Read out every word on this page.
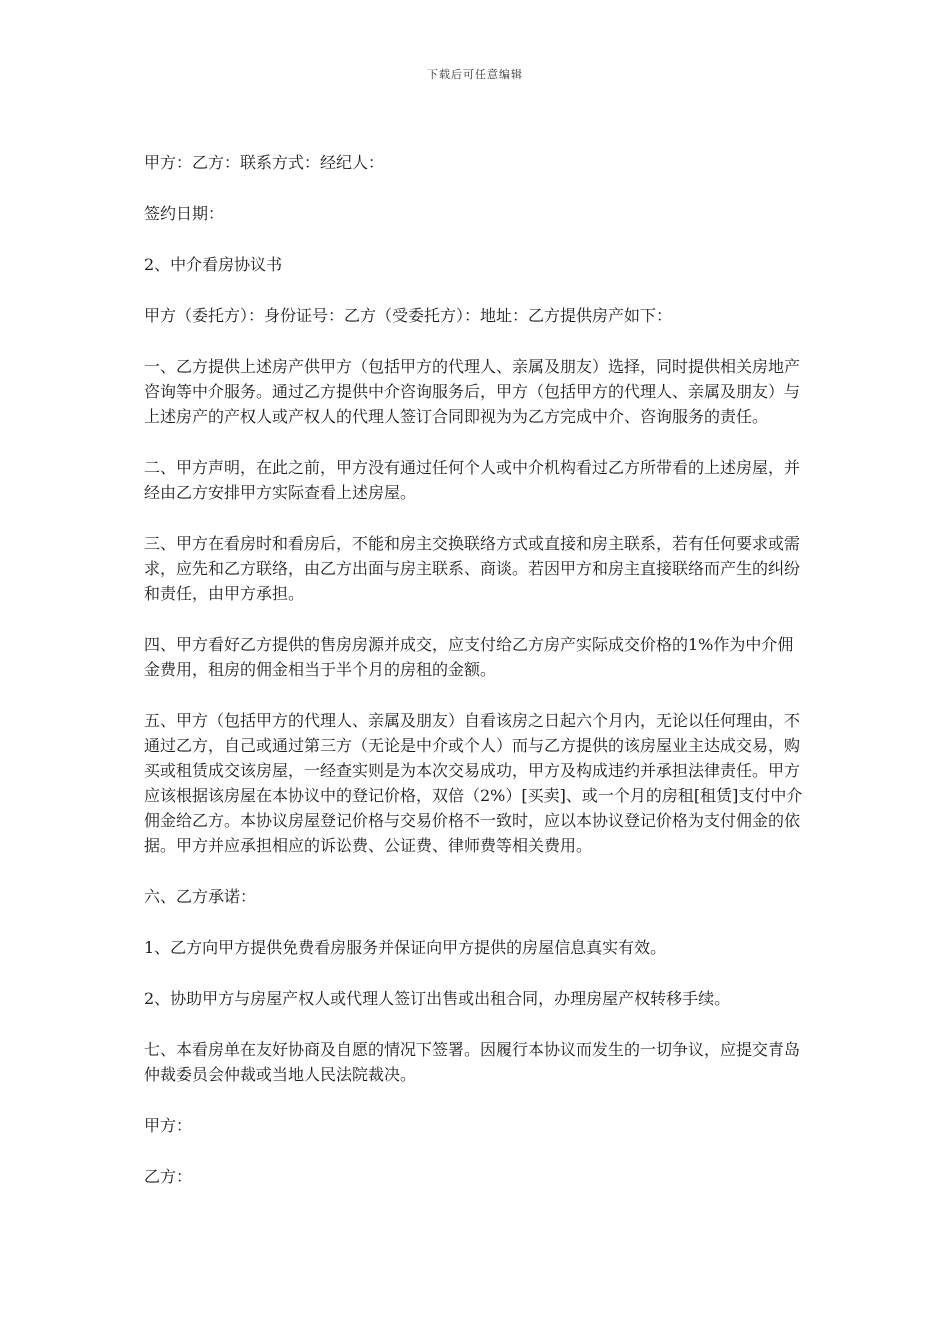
下载后可任意编辑

甲方：乙方：联系方式：经纪人：

签约日期：

2、中介看房协议书

甲方（委托方）：身份证号：乙方（受委托方）：地址：乙方提供房产如下：

一、乙方提供上述房产供甲方（包括甲方的代理人、亲属及朋友）选择，同时提供相关房地产咨询等中介服务。通过乙方提供中介咨询服务后，甲方（包括甲方的代理人、亲属及朋友）与上述房产的产权人或产权人的代理人签订合同即视为为乙方完成中介、咨询服务的责任。

二、甲方声明，在此之前，甲方没有通过任何个人或中介机构看过乙方所带看的上述房屋，并经由乙方安排甲方实际查看上述房屋。

三、甲方在看房时和看房后，不能和房主交换联络方式或直接和房主联系，若有任何要求或需求，应先和乙方联络，由乙方出面与房主联系、商谈。若因甲方和房主直接联络而产生的纠纷和责任，由甲方承担。

四、甲方看好乙方提供的售房房源并成交，应支付给乙方房产实际成交价格的1%作为中介佣金费用，租房的佣金相当于半个月的房租的金额。

五、甲方（包括甲方的代理人、亲属及朋友）自看该房之日起六个月内，无论以任何理由，不通过乙方，自己或通过第三方（无论是中介或个人）而与乙方提供的该房屋业主达成交易，购买或租赁成交该房屋，一经查实则是为本次交易成功，甲方及构成违约并承担法律责任。甲方应该根据该房屋在本协议中的登记价格，双倍（2%）[买卖]、或一个月的房租[租赁]支付中介佣金给乙方。本协议房屋登记价格与交易价格不一致时，应以本协议登记价格为支付佣金的依据。甲方并应承担相应的诉讼费、公证费、律师费等相关费用。

六、乙方承诺：

1、乙方向甲方提供免费看房服务并保证向甲方提供的房屋信息真实有效。

2、协助甲方与房屋产权人或代理人签订出售或出租合同，办理房屋产权转移手续。

七、本看房单在友好协商及自愿的情况下签署。因履行本协议而发生的一切争议，应提交青岛仲裁委员会仲裁或当地人民法院裁决。

甲方：

乙方：
